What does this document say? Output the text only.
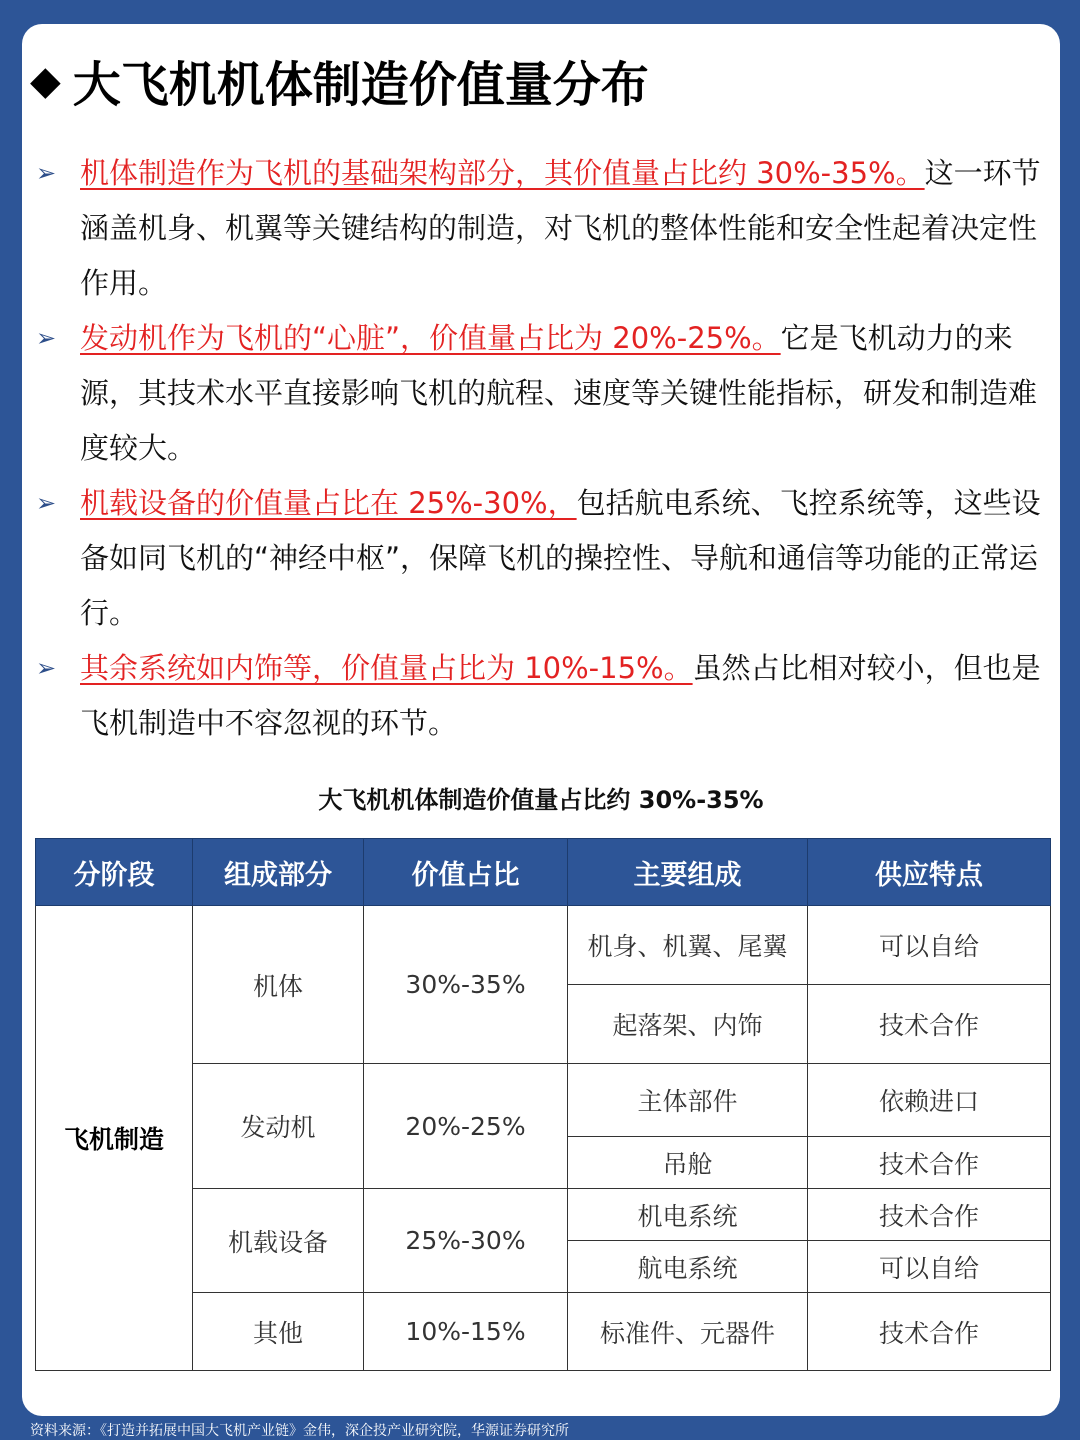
◆ 大飞机机体制造价值量分布
➢ 机体制造作为飞机的基础架构部分，其价值量占比约 30%-35%。这一环节涵盖机身、机翼等关键结构的制造，对飞机的整体性能和安全性起着决定性作用。
➢ 发动机作为飞机的“心脏”，价值量占比为 20%-25%。它是飞机动力的来源，其技术水平直接影响飞机的航程、速度等关键性能指标，研发和制造难度较大。
➢ 机载设备的价值量占比在 25%-30%，包括航电系统、飞控系统等，这些设备如同飞机的“神经中枢”，保障飞机的操控性、导航和通信等功能的正常运行。
➢ 其余系统如内饰等，价值量占比为 10%-15%。虽然占比相对较小，但也是飞机制造中不容忽视的环节。
大飞机机体制造价值量占比约 30%-35%
分阶段	组成部分	价值占比	主要组成	供应特点
飞机制造	机体	30%-35%	机身、机翼、尾翼	可以自给
			起落架、内饰	技术合作
	发动机	20%-25%	主体部件	依赖进口
			吊舱	技术合作
	机载设备	25%-30%	机电系统	技术合作
			航电系统	可以自给
	其他	10%-15%	标准件、元器件	技术合作
资料来源：《打造并拓展中国大飞机产业链》金伟，深企投产业研究院，华源证券研究所
